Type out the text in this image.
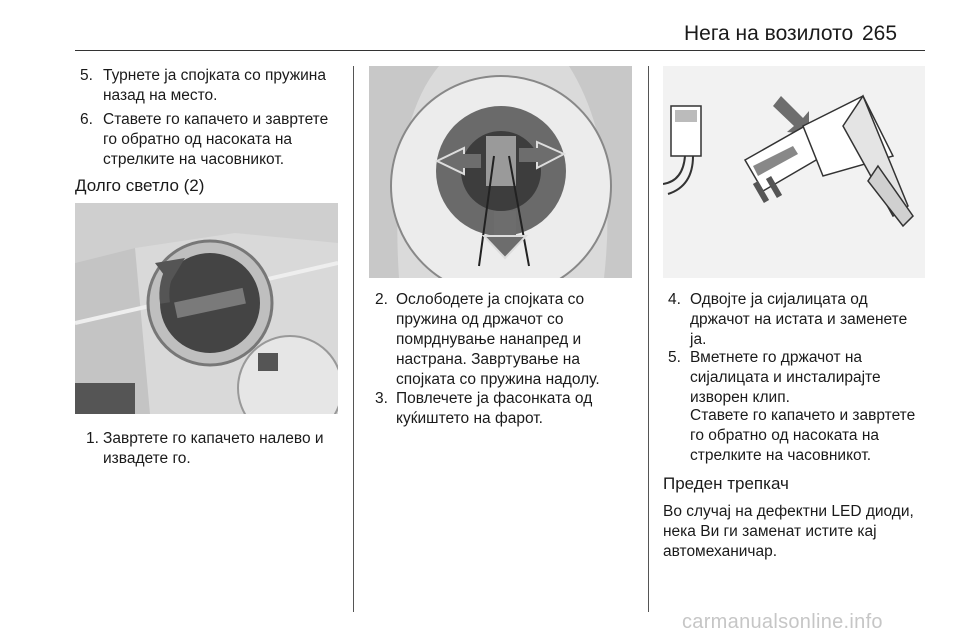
Нега на возилото 265
5. Турнете ја спојката со пружина
назад на место.
6. Ставете го капачето и завртете
го обратно од насоката на
стрелките на часовникот.
Долго светло (2)
1. Завртете го капачето налево и
извадете го.
2. Ослободете ја спојката со
пружина од држачот со
помрднување нанапред и
настрана. Завртување на
спојката со пружина надолу.
3. Повлечете ја фасонката од
куќиштето на фарот.
4. Одвојте ја сијалицата од
држачот на истата и заменете
ја.
5. Вметнете го држачот на
сијалицата и инсталирајте
изворен клип.
Ставете го капачето и завртете
го обратно од насоката на
стрелките на часовникот.
Преден трепкач
Во случај на дефектни LED диоди,
нека Ви ги заменат истите кај
автомеханичар.
carmanualsonline.info
